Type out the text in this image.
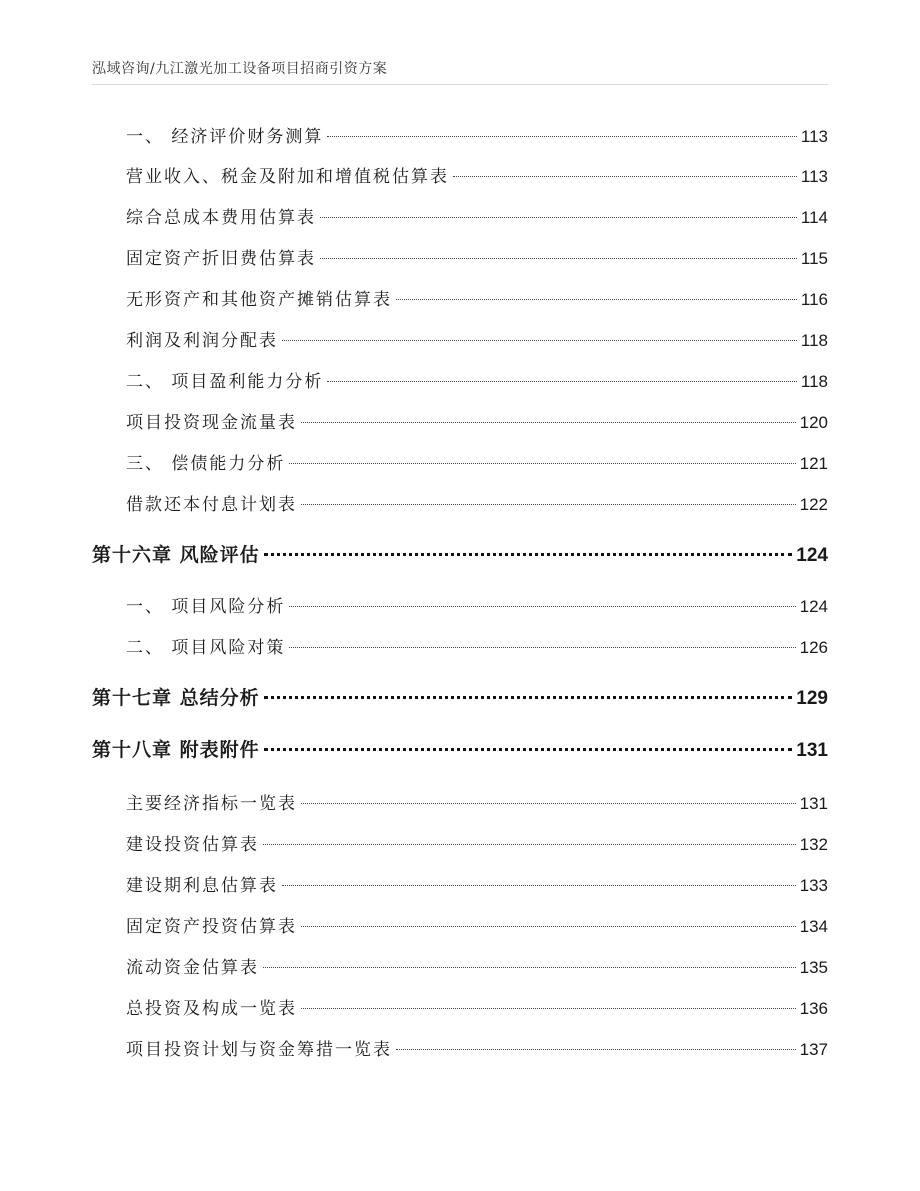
泓域咨询/九江激光加工设备项目招商引资方案
一、 经济评价财务测算	113
营业收入、税金及附加和增值税估算表	113
综合总成本费用估算表	114
固定资产折旧费估算表	115
无形资产和其他资产摊销估算表	116
利润及利润分配表	118
二、 项目盈利能力分析	118
项目投资现金流量表	120
三、 偿债能力分析	121
借款还本付息计划表	122
第十六章 风险评估	124
一、 项目风险分析	124
二、 项目风险对策	126
第十七章 总结分析	129
第十八章 附表附件	131
主要经济指标一览表	131
建设投资估算表	132
建设期利息估算表	133
固定资产投资估算表	134
流动资金估算表	135
总投资及构成一览表	136
项目投资计划与资金筹措一览表	137
